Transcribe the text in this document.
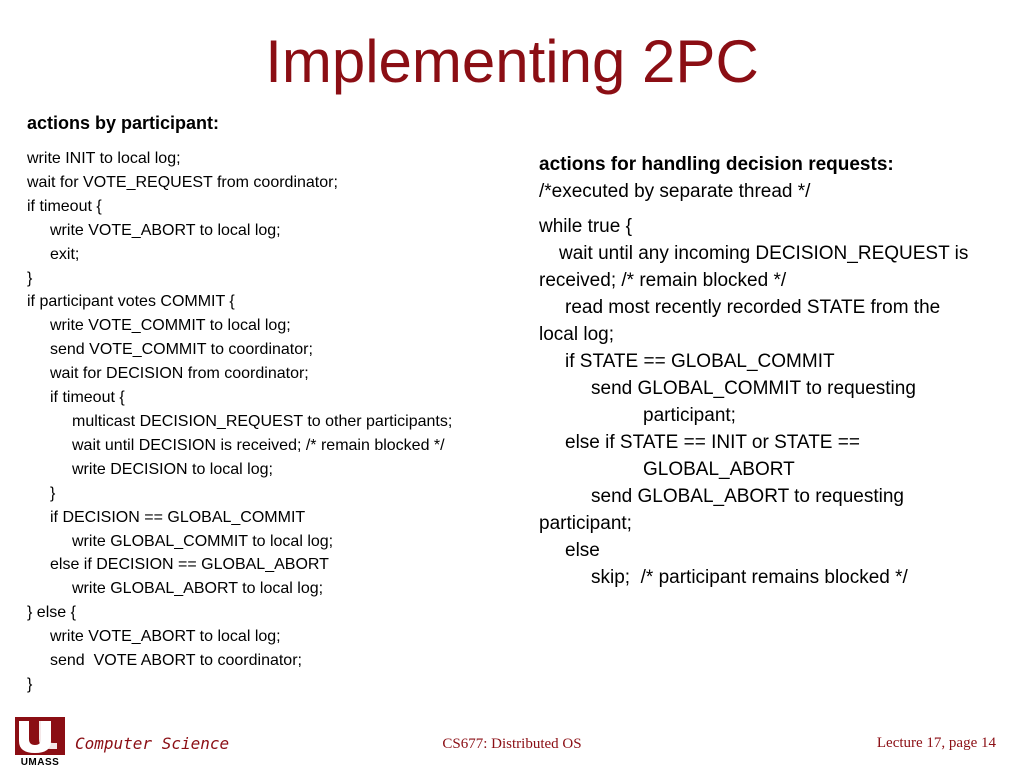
Implementing 2PC
actions by participant:
write INIT to local log;
wait for VOTE_REQUEST from coordinator;
if timeout {
write VOTE_ABORT to local log;
exit;
}
if participant votes COMMIT {
write VOTE_COMMIT to local log;
send VOTE_COMMIT to coordinator;
wait for DECISION from coordinator;
if timeout {
multicast DECISION_REQUEST to other participants;
wait until DECISION is received; /* remain blocked */
write DECISION to local log;
}
if DECISION == GLOBAL_COMMIT
write GLOBAL_COMMIT to local log;
else if DECISION == GLOBAL_ABORT
write GLOBAL_ABORT to local log;
} else {
write VOTE_ABORT to local log;
send  VOTE ABORT to coordinator;
}
actions for handling decision requests:
/*executed by separate thread */
while true {
wait until any incoming DECISION_REQUEST is
received; /* remain blocked */
read most recently recorded STATE from the
local log;
if STATE == GLOBAL_COMMIT
send GLOBAL_COMMIT to requesting
participant;
else if STATE == INIT or STATE ==
GLOBAL_ABORT
send GLOBAL_ABORT to requesting
participant;
else
skip;  /* participant remains blocked */
UMASS
Computer Science	CS677: Distributed OS	Lecture 17, page 14
